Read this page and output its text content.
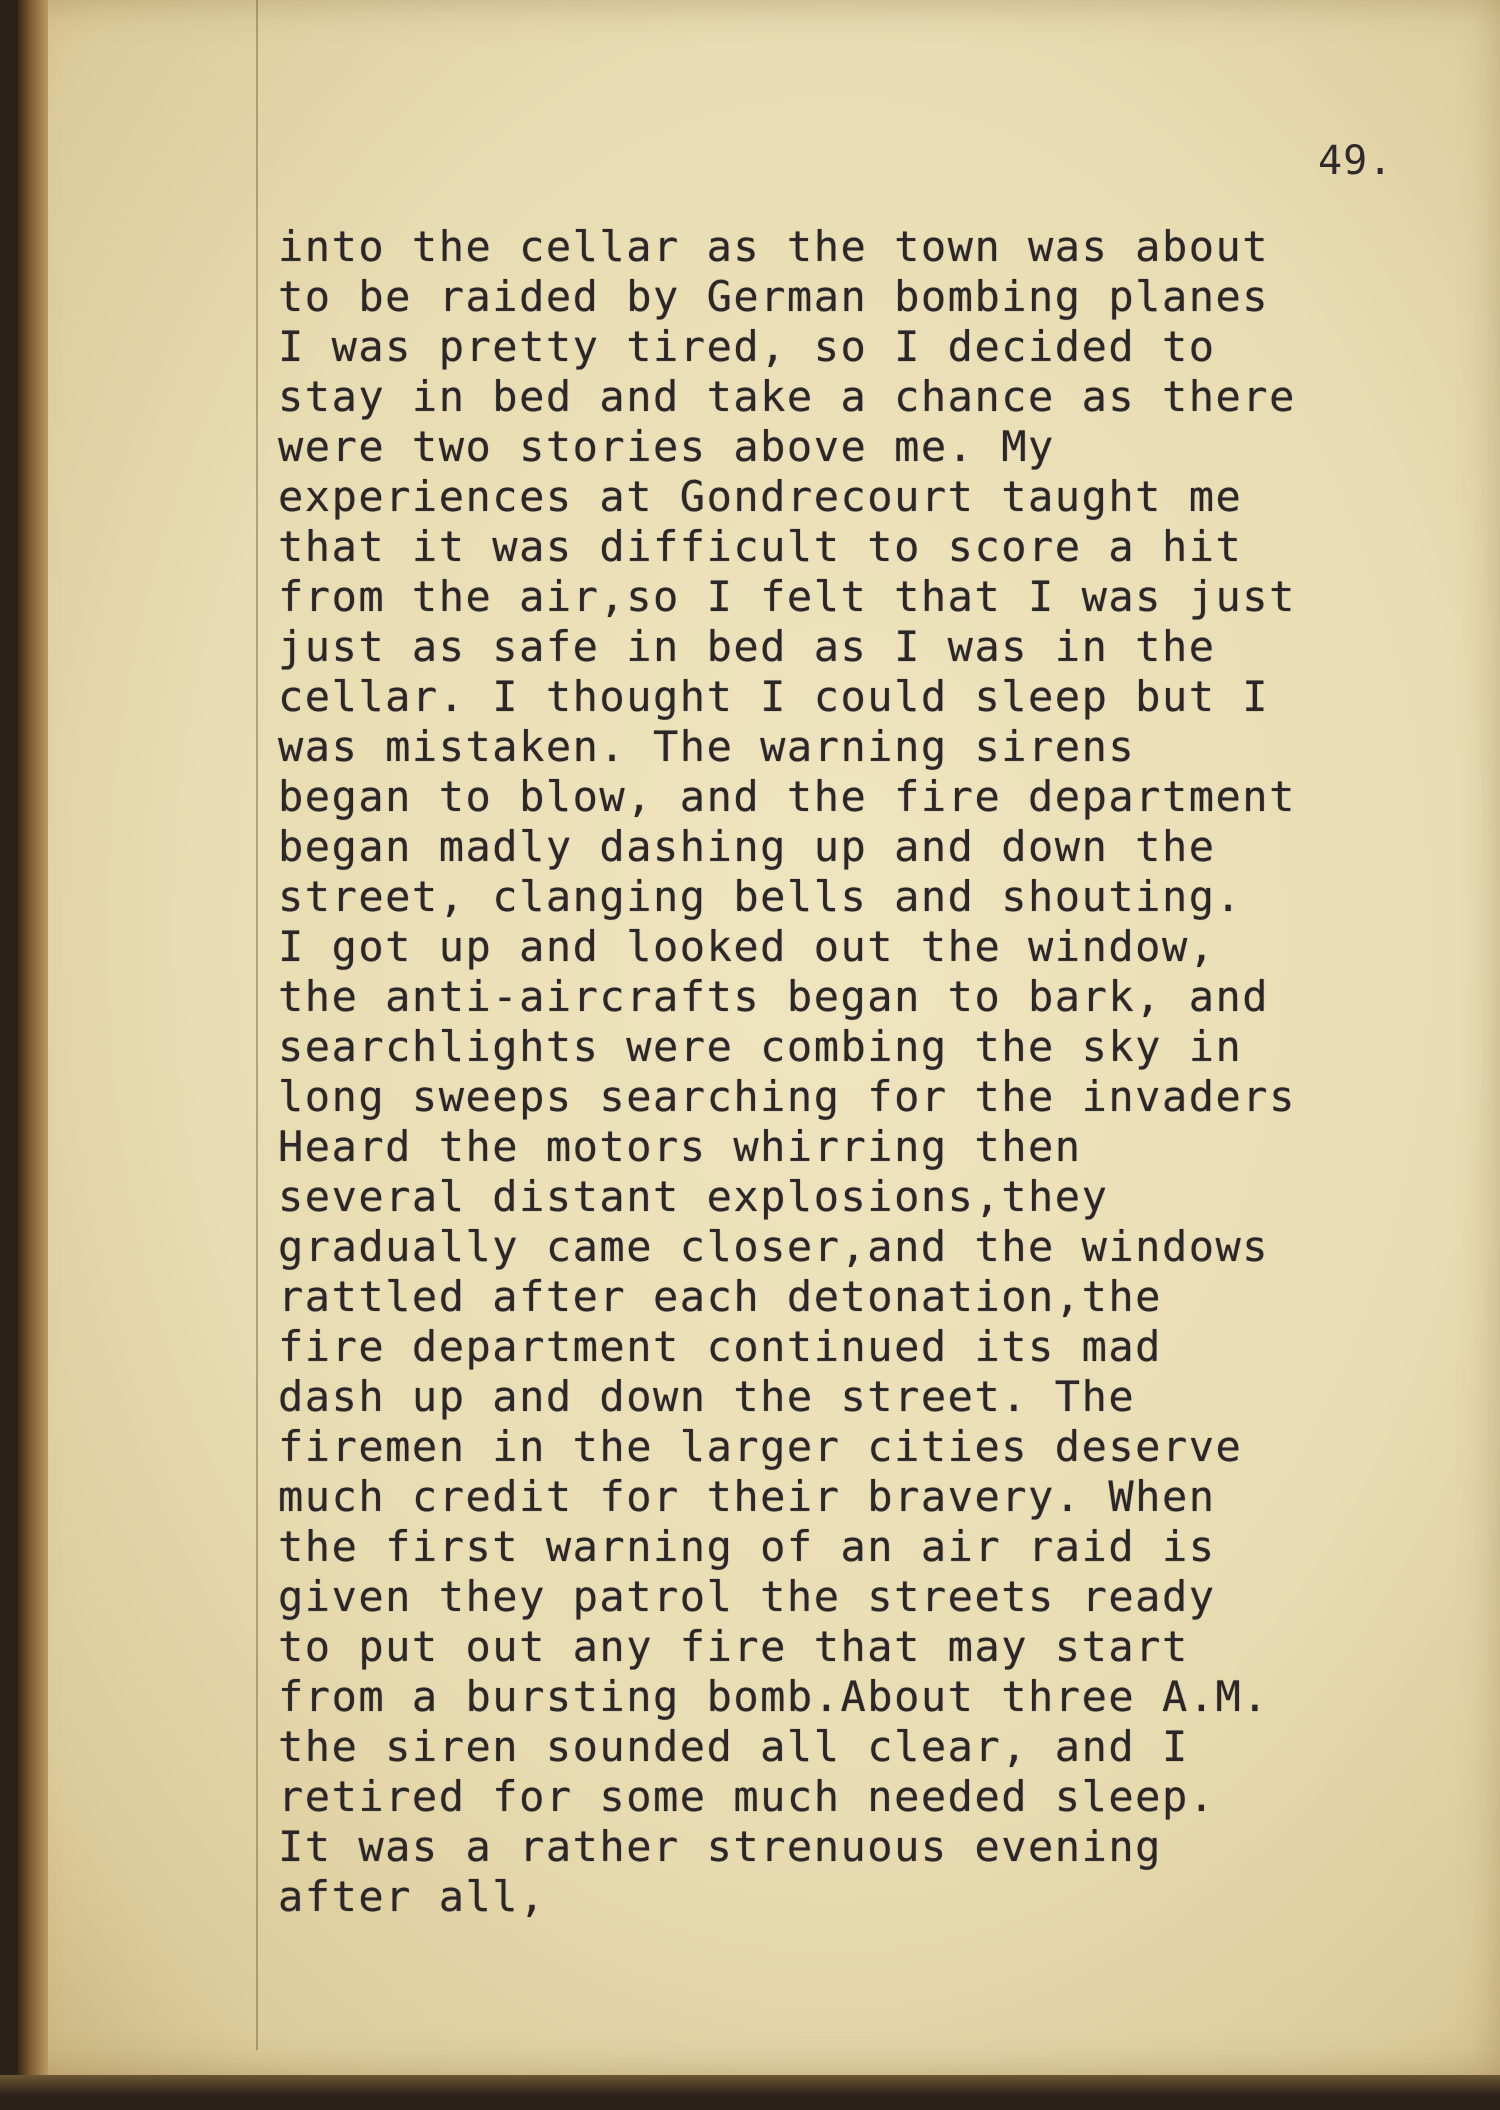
49.
into the cellar as the town was about
to be raided by German bombing planes
I was pretty tired, so I decided to
stay in bed and take a chance as there
were two stories above me. My
experiences at Gondrecourt taught me
that it was difficult to score a hit
from the air,so I felt that I was just
just as safe in bed as I was in the
cellar. I thought I could sleep but I
was mistaken. The warning sirens
began to blow, and the fire department
began madly dashing up and down the
street, clanging bells and shouting.
I got up and looked out the window,
the anti-aircrafts began to bark, and
searchlights were combing the sky in
long sweeps searching for the invaders
Heard the motors whirring then
several distant explosions,they
gradually came closer,and the windows
rattled after each detonation,the
fire department continued its mad
dash up and down the street. The
firemen in the larger cities deserve
much credit for their bravery. When
the first warning of an air raid is
given they patrol the streets ready
to put out any fire that may start
from a bursting bomb.About three A.M.
the siren sounded all clear, and I
retired for some much needed sleep.
It was a rather strenuous evening
after all,
